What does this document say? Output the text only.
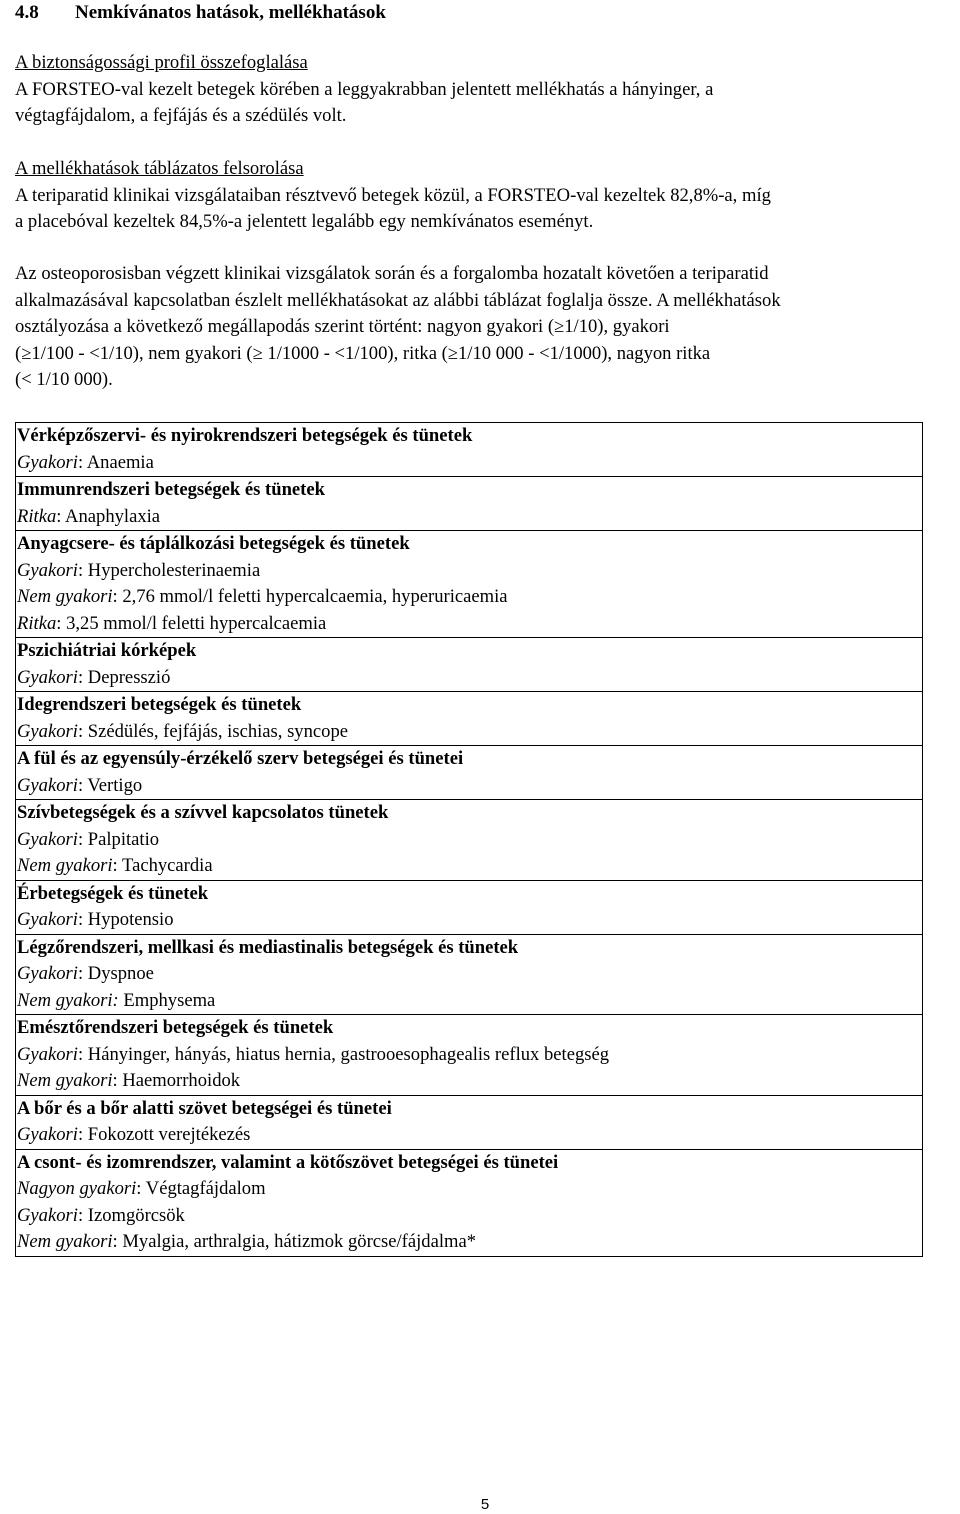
4.8 Nemkívánatos hatások, mellékhatások
A biztonságossági profil összefoglalása
A FORSTEO-val kezelt betegek körében a leggyakrabban jelentett mellékhatás a hányinger, a
végtagfájdalom, a fejfájás és a szédülés volt.
A mellékhatások táblázatos felsorolása
A teriparatid klinikai vizsgálataiban résztvevő betegek közül, a FORSTEO-val kezeltek 82,8%-a, míg
a placebóval kezeltek 84,5%-a jelentett legalább egy nemkívánatos eseményt.
Az osteoporosisban végzett klinikai vizsgálatok során és a forgalomba hozatalt követően a teriparatid
alkalmazásával kapcsolatban észlelt mellékhatásokat az alábbi táblázat foglalja össze. A mellékhatások
osztályozása a következő megállapodás szerint történt: nagyon gyakori (≥1/10), gyakori
(≥1/100 - <1/10), nem gyakori (≥ 1/1000 - <1/100), ritka (≥1/10 000 - <1/1000), nagyon ritka
(< 1/10 000).
Vérképzőszervi- és nyirokrendszeri betegségek és tünetek
Gyakori: Anaemia

Immunrendszeri betegségek és tünetek
Ritka: Anaphylaxia

Anyagcsere- és táplálkozási betegségek és tünetek
Gyakori: Hypercholesterinaemia
Nem gyakori: 2,76 mmol/l feletti hypercalcaemia, hyperuricaemia
Ritka: 3,25 mmol/l feletti hypercalcaemia

Pszichiátriai kórképek
Gyakori: Depresszió

Idegrendszeri betegségek és tünetek
Gyakori: Szédülés, fejfájás, ischias, syncope

A fül és az egyensúly-érzékelő szerv betegségei és tünetei
Gyakori: Vertigo

Szívbetegségek és a szívvel kapcsolatos tünetek
Gyakori: Palpitatio
Nem gyakori: Tachycardia

Érbetegségek és tünetek
Gyakori: Hypotensio

Légzőrendszeri, mellkasi és mediastinalis betegségek és tünetek
Gyakori: Dyspnoe
Nem gyakori: Emphysema

Emésztőrendszeri betegségek és tünetek
Gyakori: Hányinger, hányás, hiatus hernia, gastrooesophagealis reflux betegség
Nem gyakori: Haemorrhoidok

A bőr és a bőr alatti szövet betegségei és tünetei
Gyakori: Fokozott verejtékezés

A csont- és izomrendszer, valamint a kötőszövet betegségei és tünetei
Nagyon gyakori: Végtagfájdalom
Gyakori: Izomgörcsök
Nem gyakori: Myalgia, arthralgia, hátizmok görcse/fájdalma*
5
